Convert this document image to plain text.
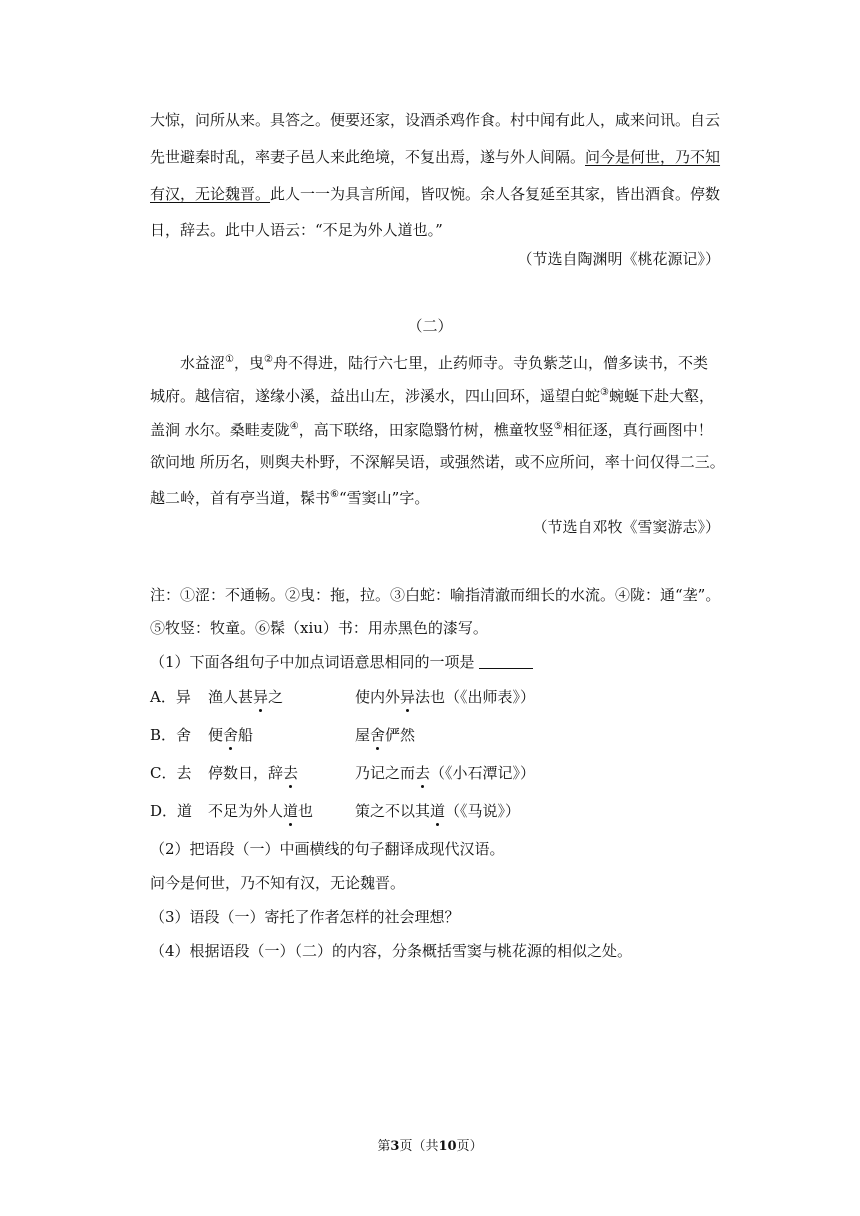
大惊，问所从来。具答之。便要还家，设酒杀鸡作食。村中闻有此人，咸来问讯。自云
先世避秦时乱，率妻子邑人来此绝境，不复出焉，遂与外人间隔。问今是何世，乃不知
有汉，无论魏晋。此人一一为具言所闻，皆叹惋。余人各复延至其家，皆出酒食。停数
日，辞去。此中人语云：“不足为外人道也。”
（节选自陶渊明《桃花源记》）
（二）
水益涩①，曳②舟不得进，陆行六七里，止药师寺。寺负紫芝山，僧多读书，不类
城府。越信宿，遂缘小溪，益出山左，涉溪水，四山回环，遥望白蛇③蜿蜒下赴大壑，
盖涧 水尔。桑畦麦陇④，高下联络，田家隐翳竹树，樵童牧竖⑤相征逐，真行画图中！
欲问地 所历名，则舆夫朴野，不深解吴语，或强然诺，或不应所问，率十问仅得二三。
越二岭，首有亭当道，髹书⑥“雪窦山”字。
（节选自邓牧《雪窦游志》）
注：①涩：不通畅。②曳：拖，拉。③白蛇：喻指清澈而细长的水流。④陇：通“垄”。
⑤牧竖：牧童。⑥髹（xiu）书：用赤黑色的漆写。
（1）下面各组句子中加点词语意思相同的一项是
A．异 渔人甚异之	使内外异法也（《出师表》）
B．舍 便舍船	屋舍俨然
C．去 停数日，辞去	乃记之而去（《小石潭记》）
D．道 不足为外人道也	策之不以其道（《马说》）
（2）把语段（一）中画横线的句子翻译成现代汉语。
问今是何世，乃不知有汉，无论魏晋。
（3）语段（一）寄托了作者怎样的社会理想？
（4）根据语段（一）（二）的内容，分条概括雪窦与桃花源的相似之处。
第3页（共10页）
